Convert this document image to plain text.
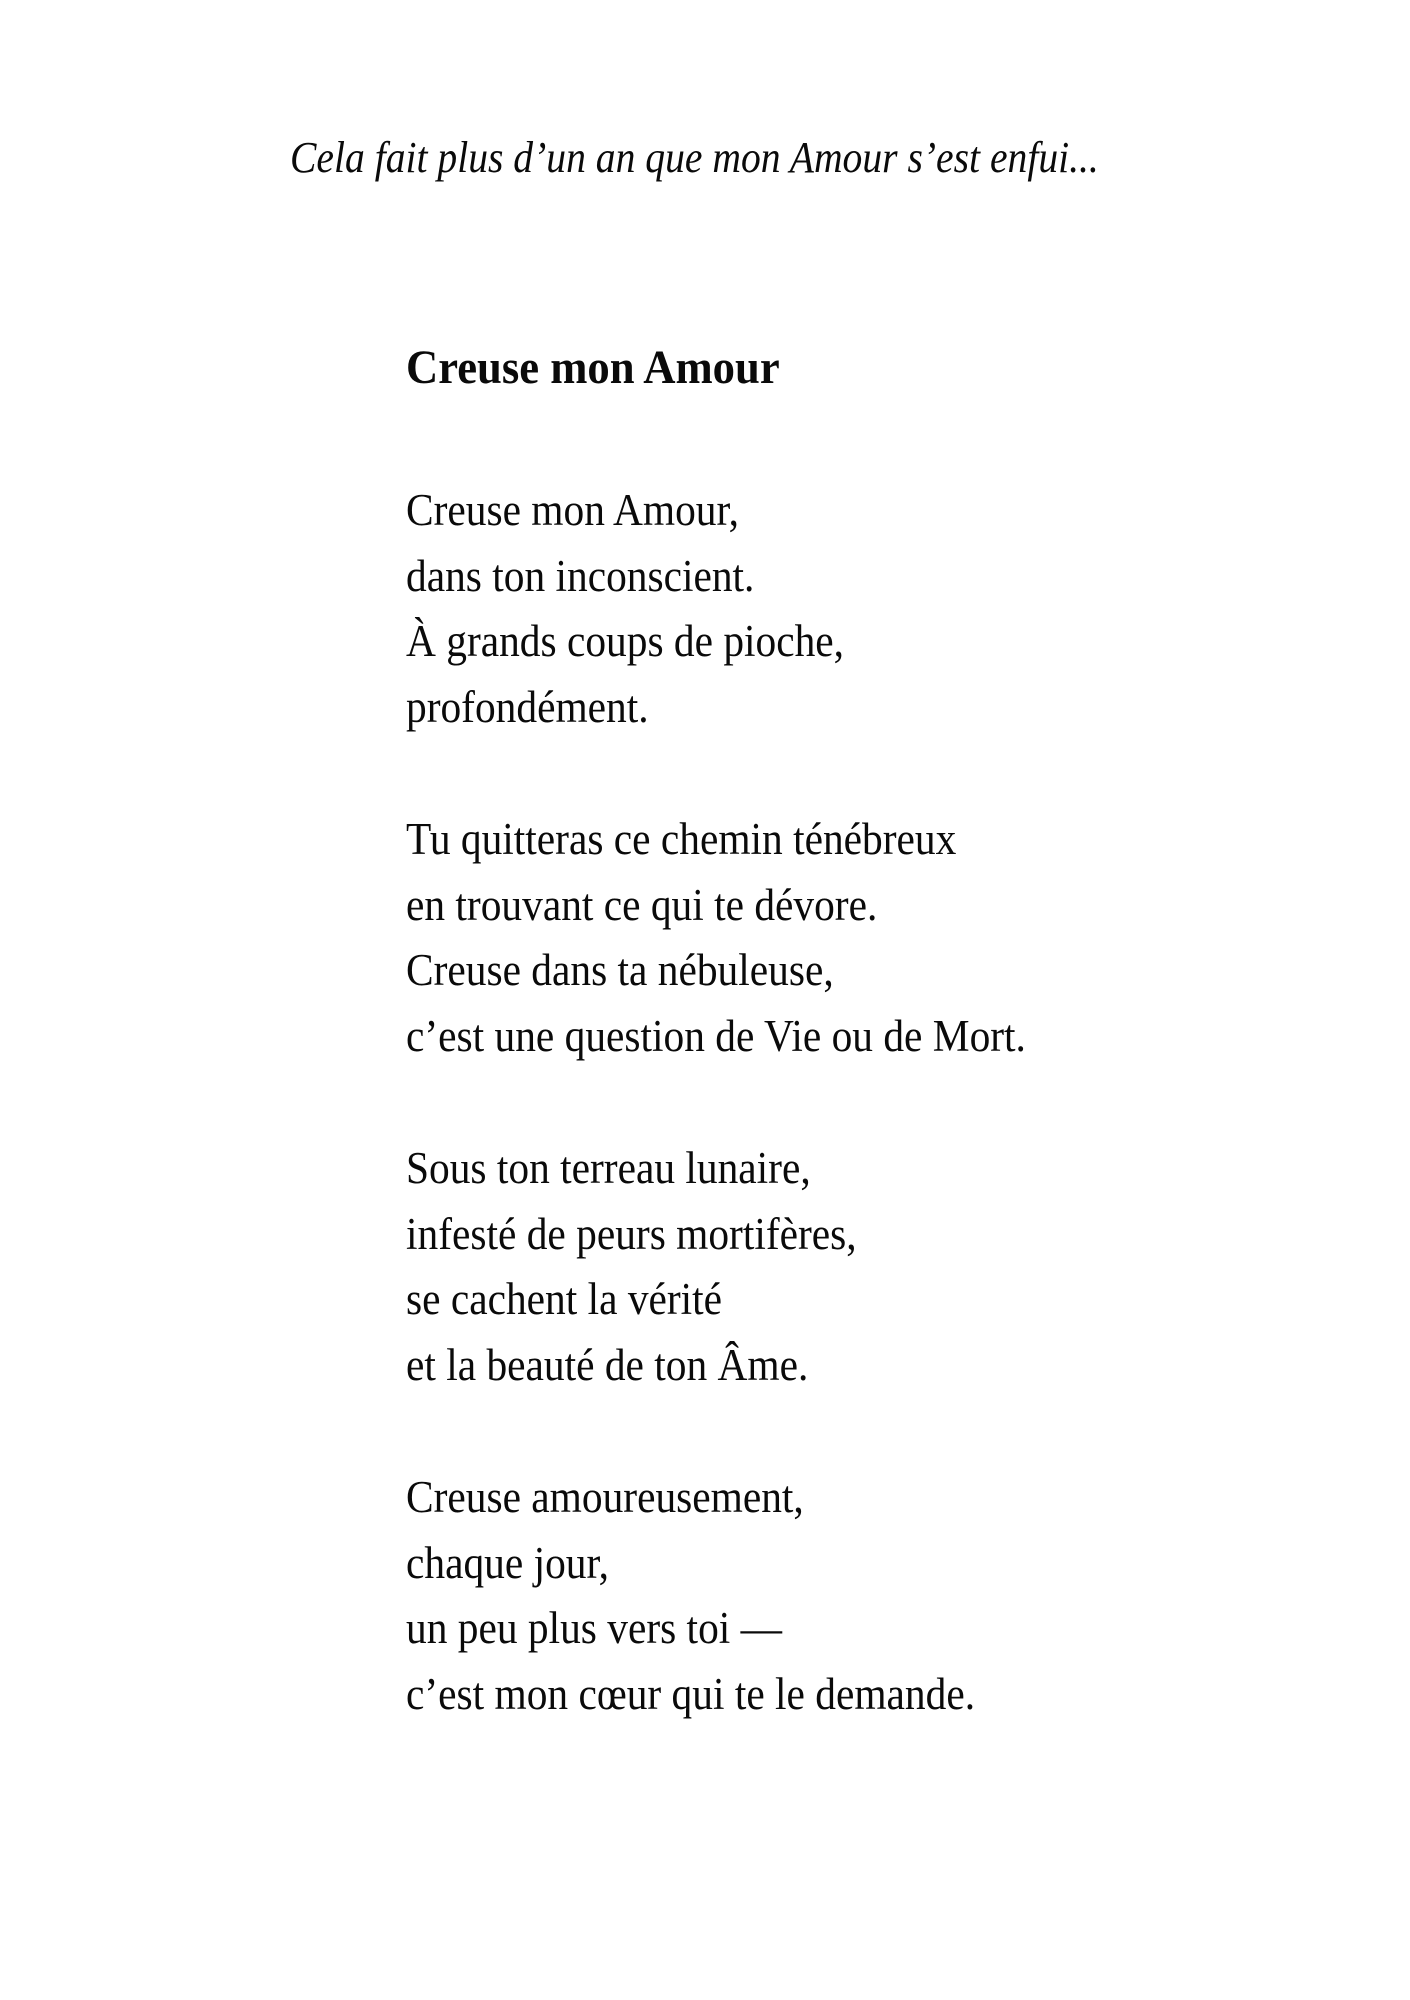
Cela fait plus d’un an que mon Amour s’est enfui...
Creuse mon Amour
Creuse mon Amour,
dans ton inconscient.
À grands coups de pioche,
profondément.
Tu quitteras ce chemin ténébreux
en trouvant ce qui te dévore.
Creuse dans ta nébuleuse,
c’est une question de Vie ou de Mort.
Sous ton terreau lunaire,
infesté de peurs mortifères,
se cachent la vérité
et la beauté de ton Âme.
Creuse amoureusement,
chaque jour,
un peu plus vers toi —
c’est mon cœur qui te le demande.
